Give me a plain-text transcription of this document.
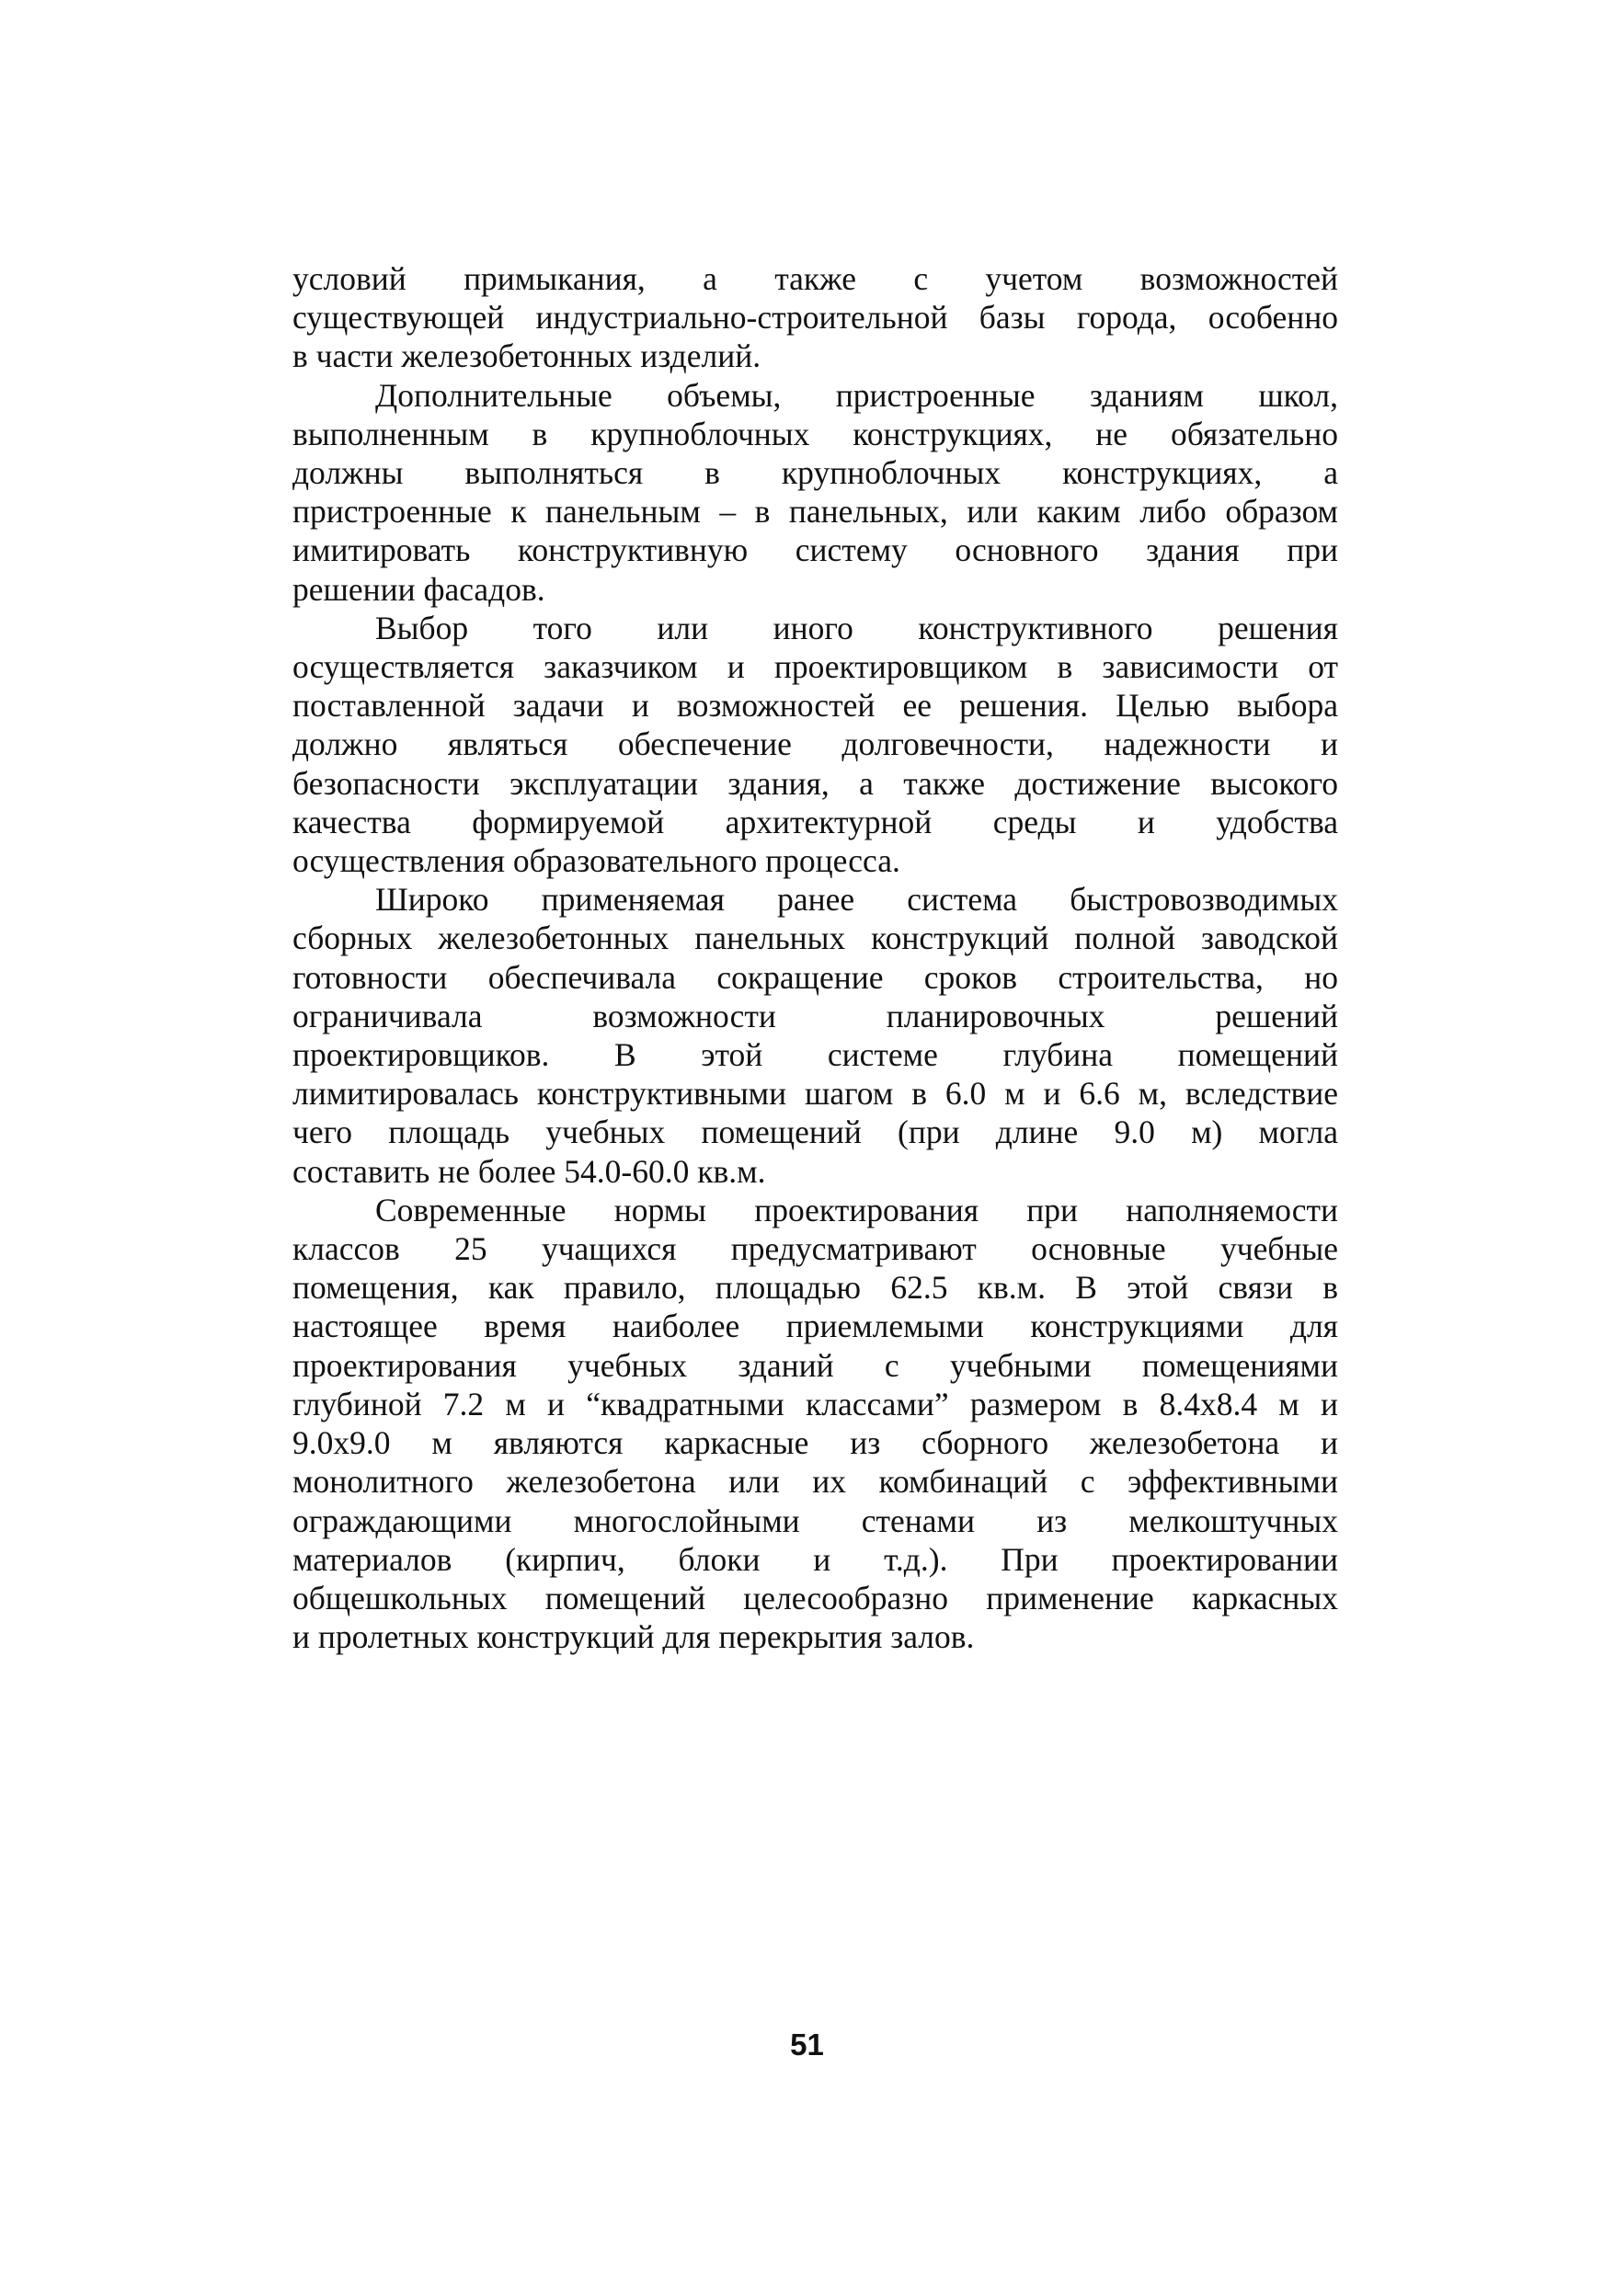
условий примыкания, а также с учетом возможностей
существующей индустриально-строительной базы города, особенно
в части железобетонных изделий.
Дополнительные объемы, пристроенные зданиям школ,
выполненным в крупноблочных конструкциях, не обязательно
должны выполняться в крупноблочных конструкциях, а
пристроенные к панельным – в панельных, или каким либо образом
имитировать конструктивную систему основного здания при
решении фасадов.
Выбор того или иного конструктивного решения
осуществляется заказчиком и проектировщиком в зависимости от
поставленной задачи и возможностей ее решения. Целью выбора
должно являться обеспечение долговечности, надежности и
безопасности эксплуатации здания, а также достижение высокого
качества формируемой архитектурной среды и удобства
осуществления образовательного процесса.
Широко применяемая ранее система быстровозводимых
сборных железобетонных панельных конструкций полной заводской
готовности обеспечивала сокращение сроков строительства, но
ограничивала возможности планировочных решений
проектировщиков. В этой системе глубина помещений
лимитировалась конструктивными шагом в 6.0 м и 6.6 м, вследствие
чего площадь учебных помещений (при длине 9.0 м) могла
составить не более 54.0-60.0 кв.м.
Современные нормы проектирования при наполняемости
классов 25 учащихся предусматривают основные учебные
помещения, как правило, площадью 62.5 кв.м. В этой связи в
настоящее время наиболее приемлемыми конструкциями для
проектирования учебных зданий с учебными помещениями
глубиной 7.2 м и “квадратными классами” размером в 8.4х8.4 м и
9.0х9.0 м являются каркасные из сборного железобетона и
монолитного железобетона или их комбинаций с эффективными
ограждающими многослойными стенами из мелкоштучных
материалов (кирпич, блоки и т.д.). При проектировании
общешкольных помещений целесообразно применение каркасных
и пролетных конструкций для перекрытия залов.
51
